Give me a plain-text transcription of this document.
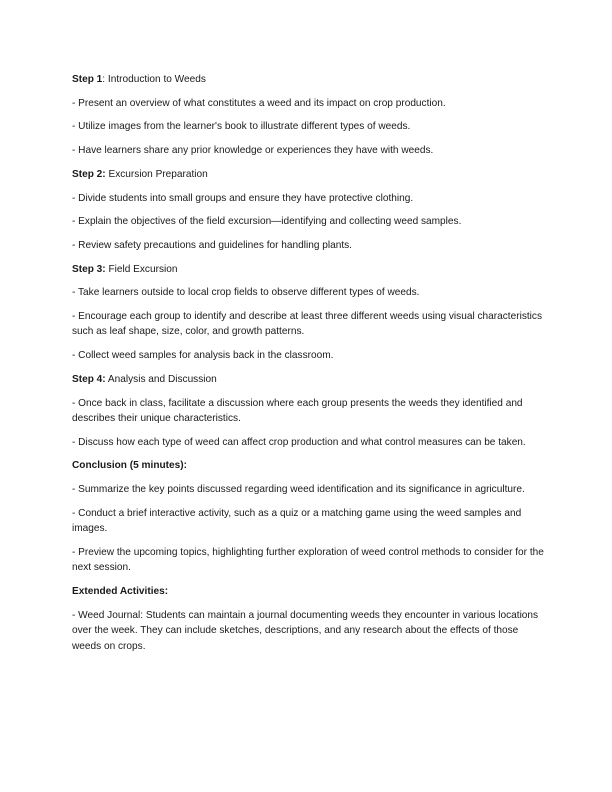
Step 1: Introduction to Weeds

- Present an overview of what constitutes a weed and its impact on crop production.

- Utilize images from the learner's book to illustrate different types of weeds.

- Have learners share any prior knowledge or experiences they have with weeds.

Step 2: Excursion Preparation

- Divide students into small groups and ensure they have protective clothing.

- Explain the objectives of the field excursion—identifying and collecting weed samples.

- Review safety precautions and guidelines for handling plants.

Step 3: Field Excursion

- Take learners outside to local crop fields to observe different types of weeds.

- Encourage each group to identify and describe at least three different weeds using visual characteristics such as leaf shape, size, color, and growth patterns.

- Collect weed samples for analysis back in the classroom.

Step 4: Analysis and Discussion

- Once back in class, facilitate a discussion where each group presents the weeds they identified and describes their unique characteristics.

- Discuss how each type of weed can affect crop production and what control measures can be taken.

Conclusion (5 minutes):

- Summarize the key points discussed regarding weed identification and its significance in agriculture.

- Conduct a brief interactive activity, such as a quiz or a matching game using the weed samples and images.

- Preview the upcoming topics, highlighting further exploration of weed control methods to consider for the next session.

Extended Activities:

- Weed Journal: Students can maintain a journal documenting weeds they encounter in various locations over the week. They can include sketches, descriptions, and any research about the effects of those weeds on crops.
